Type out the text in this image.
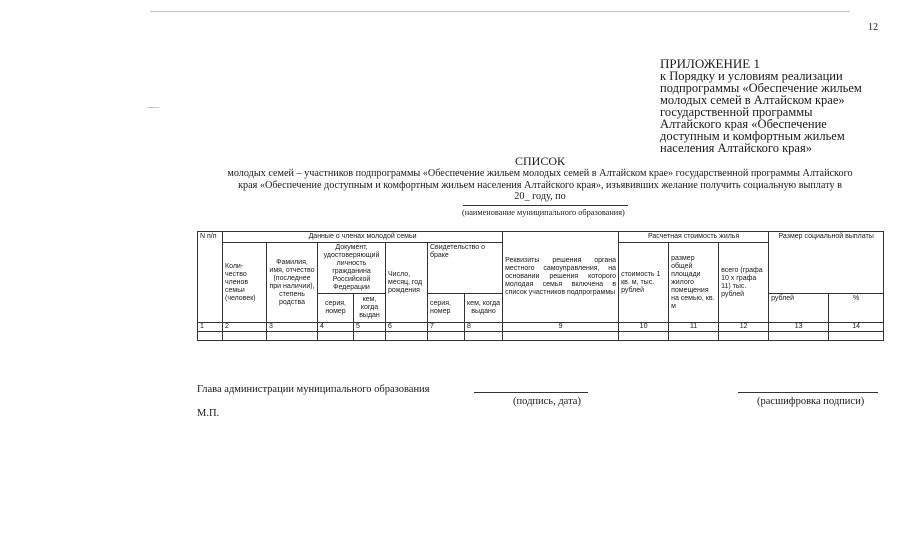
12
ПРИЛОЖЕНИЕ 1
к Порядку и условиям реализации
подпрограммы «Обеспечение жильем
молодых семей в Алтайском крае»
государственной программы
Алтайского края «Обеспечение
доступным и комфортным жильем
населения Алтайского края»
СПИСОК
молодых семей – участников подпрограммы «Обеспечение жильем молодых семей в Алтайском крае» государственной программы Алтайского
края «Обеспечение доступным и комфортным жильем населения Алтайского края», изъявивших желание получить социальную выплату в
20_ году, по
(наименование муниципального образования)
N п/п	Данные о членах молодой семьи							Реквизиты решения органа местного самоуправления, на основании решения которого молодая семья включена в список участников подпрограммы	Расчетная стоимость жилья			Размер социальной выплаты	
	Коли-чество членов семьи (человек)	Фамилия, имя, отчество (последнее при наличии), степень родства	Документ, удостоверяющий личность гражданина Российской Федерации		Число, месяц, год рождения	Свидетельство о браке			стоимость 1 кв. м, тыс. рублей	размер общей площади жилого помещения на семью, кв. м	всего (графа 10 х графа 11) тыс. рублей		
			серия, номер	кем, когда выдан		серия, номер	кем, когда выдано					рублей	%
1	2	3	4	5	6	7	8	9	10	11	12	13	14

Глава администрации муниципального образования
(подпись, дата)	(расшифровка подписи)
М.П.
